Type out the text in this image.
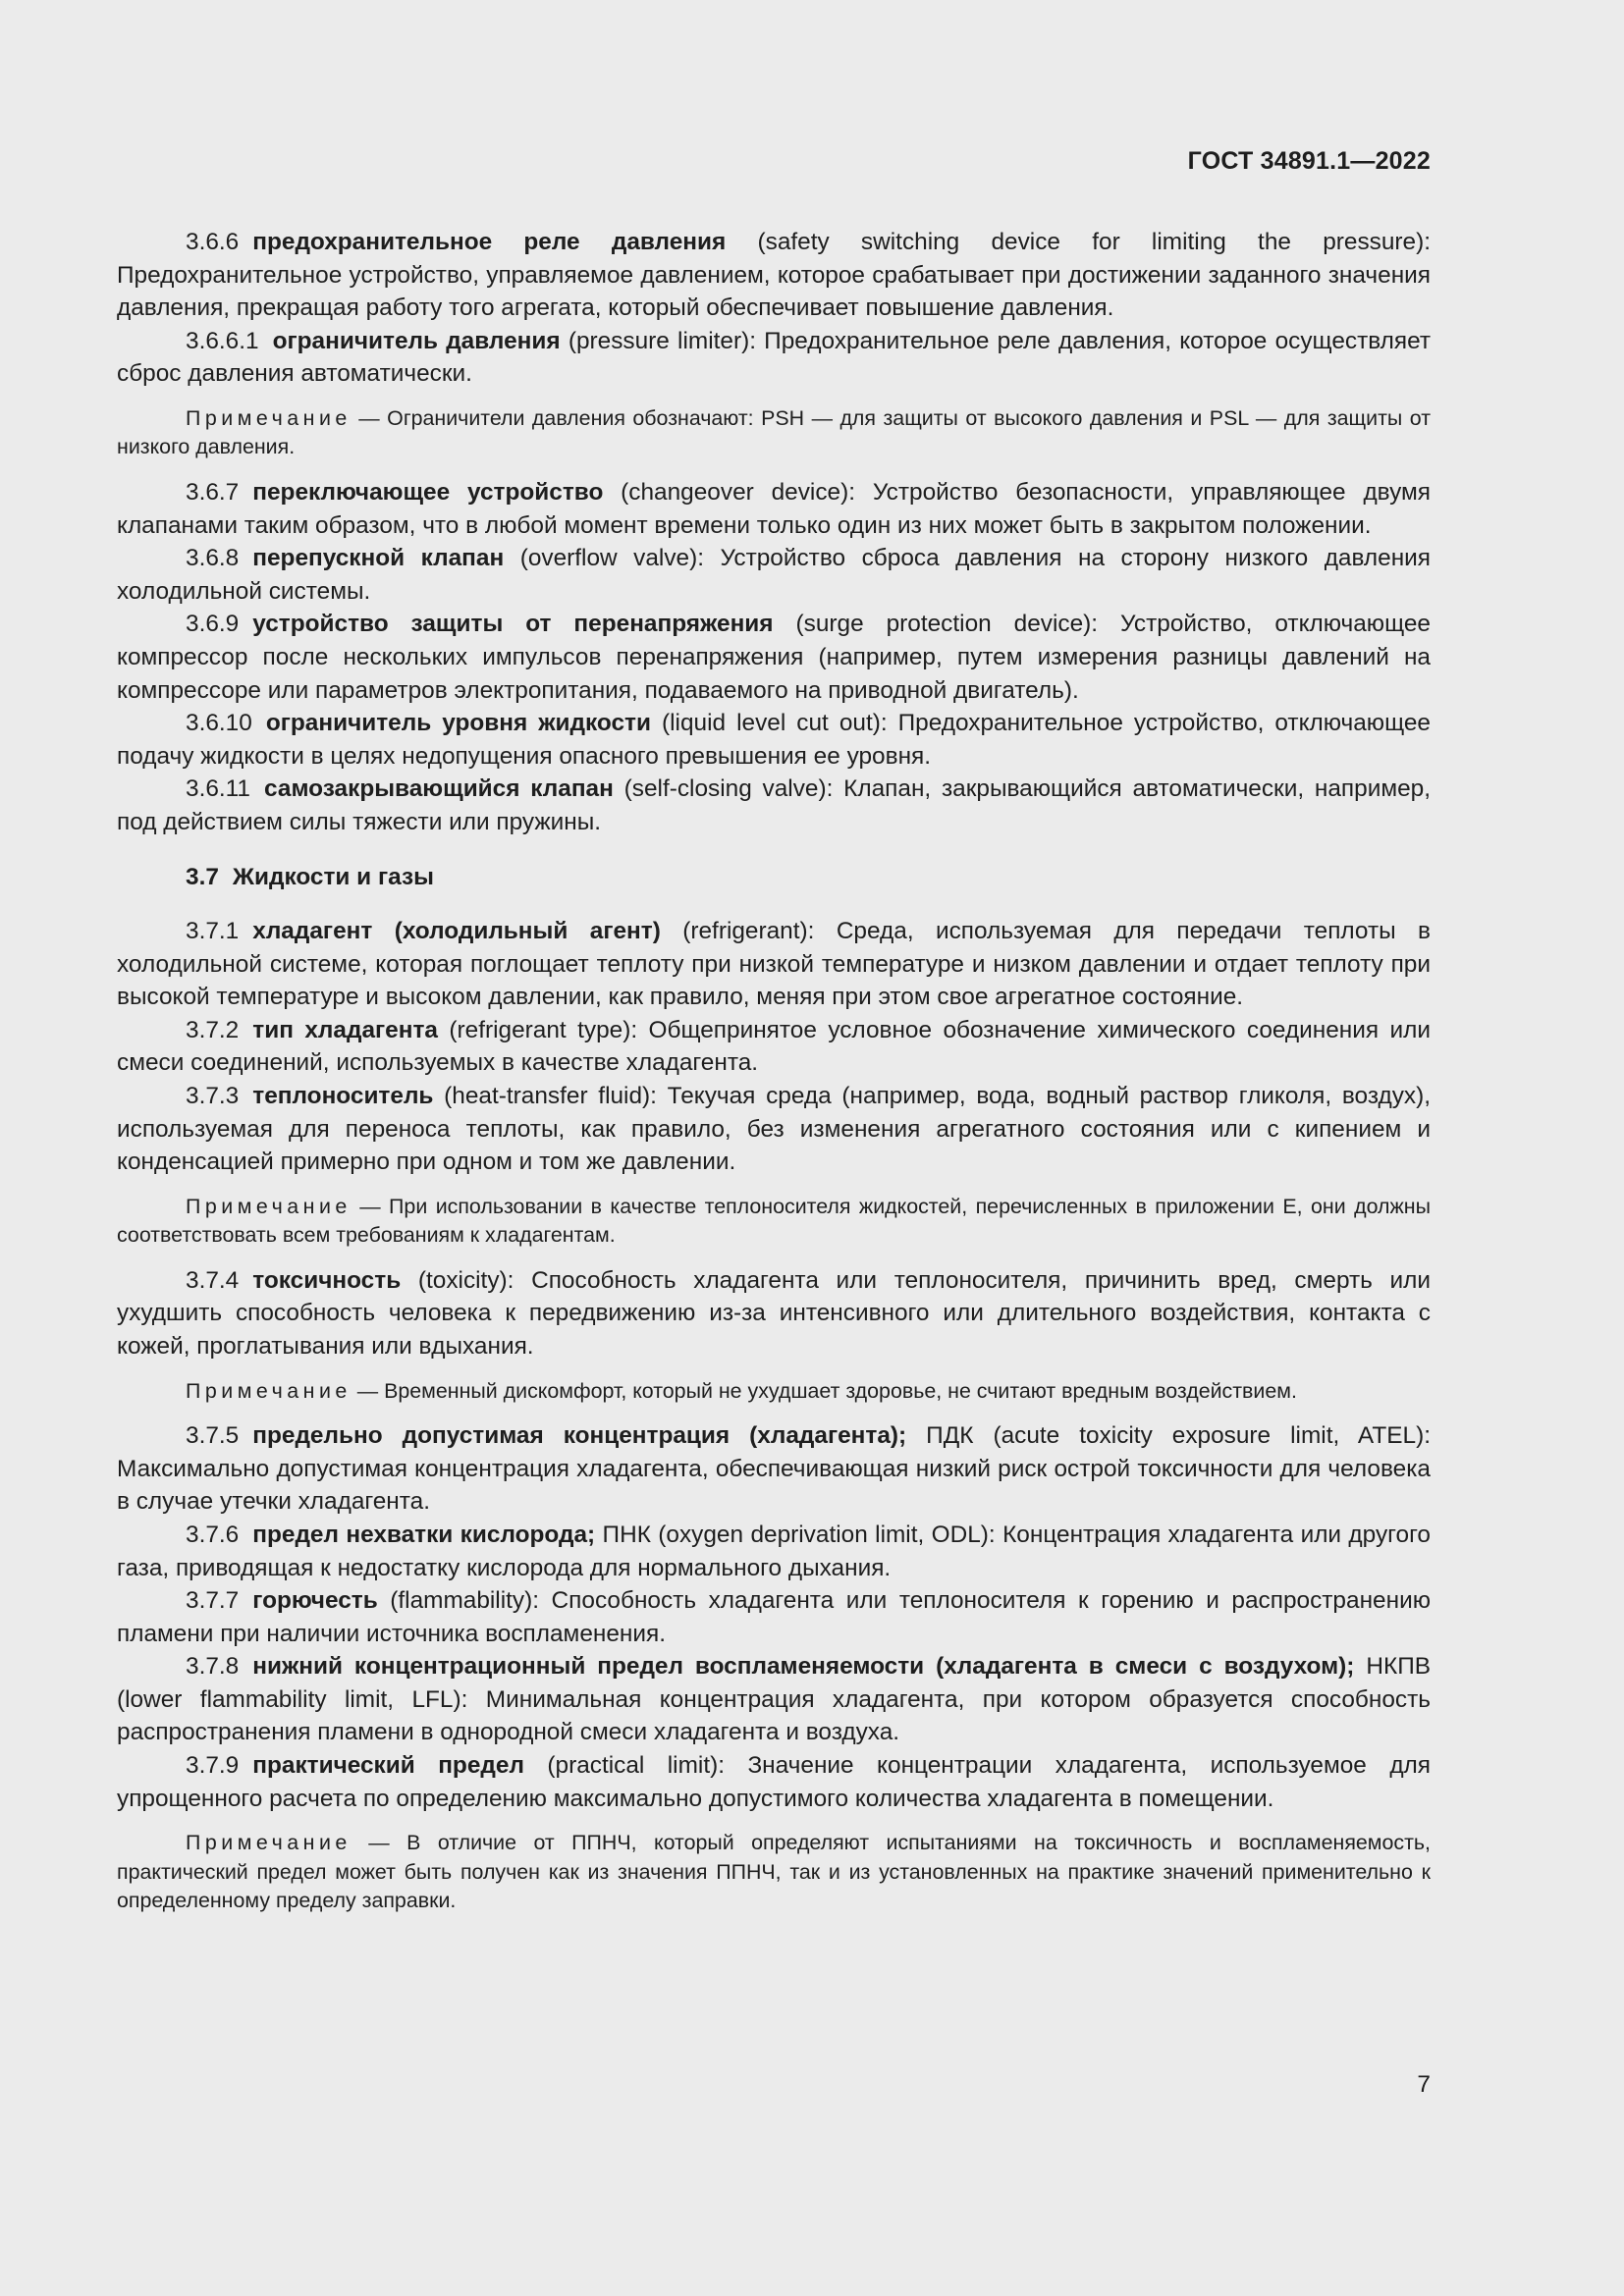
ГОСТ 34891.1—2022

3.6.6 предохранительное реле давления (safety switching device for limiting the pressure): Предохранительное устройство, управляемое давлением, которое срабатывает при достижении заданного значения давления, прекращая работу того агрегата, который обеспечивает повышение давления.

3.6.6.1 ограничитель давления (pressure limiter): Предохранительное реле давления, которое осуществляет сброс давления автоматически.

Примечание — Ограничители давления обозначают: PSH — для защиты от высокого давления и PSL — для защиты от низкого давления.

3.6.7 переключающее устройство (changeover device): Устройство безопасности, управляющее двумя клапанами таким образом, что в любой момент времени только один из них может быть в закрытом положении.

3.6.8 перепускной клапан (overflow valve): Устройство сброса давления на сторону низкого давления холодильной системы.

3.6.9 устройство защиты от перенапряжения (surge protection device): Устройство, отключающее компрессор после нескольких импульсов перенапряжения (например, путем измерения разницы давлений на компрессоре или параметров электропитания, подаваемого на приводной двигатель).

3.6.10 ограничитель уровня жидкости (liquid level cut out): Предохранительное устройство, отключающее подачу жидкости в целях недопущения опасного превышения ее уровня.

3.6.11 самозакрывающийся клапан (self-closing valve): Клапан, закрывающийся автоматически, например, под действием силы тяжести или пружины.

3.7 Жидкости и газы

3.7.1 хладагент (холодильный агент) (refrigerant): Среда, используемая для передачи теплоты в холодильной системе, которая поглощает теплоту при низкой температуре и низком давлении и отдает теплоту при высокой температуре и высоком давлении, как правило, меняя при этом свое агрегатное состояние.

3.7.2 тип хладагента (refrigerant type): Общепринятое условное обозначение химического соединения или смеси соединений, используемых в качестве хладагента.

3.7.3 теплоноситель (heat-transfer fluid): Текучая среда (например, вода, водный раствор гликоля, воздух), используемая для переноса теплоты, как правило, без изменения агрегатного состояния или с кипением и конденсацией примерно при одном и том же давлении.

Примечание — При использовании в качестве теплоносителя жидкостей, перечисленных в приложении Е, они должны соответствовать всем требованиям к хладагентам.

3.7.4 токсичность (toxicity): Способность хладагента или теплоносителя, причинить вред, смерть или ухудшить способность человека к передвижению из-за интенсивного или длительного воздействия, контакта с кожей, проглатывания или вдыхания.

Примечание — Временный дискомфорт, который не ухудшает здоровье, не считают вредным воздействием.

3.7.5 предельно допустимая концентрация (хладагента); ПДК (acute toxicity exposure limit, ATEL): Максимально допустимая концентрация хладагента, обеспечивающая низкий риск острой токсичности для человека в случае утечки хладагента.

3.7.6 предел нехватки кислорода; ПНК (oxygen deprivation limit, ODL): Концентрация хладагента или другого газа, приводящая к недостатку кислорода для нормального дыхания.

3.7.7 горючесть (flammability): Способность хладагента или теплоносителя к горению и распространению пламени при наличии источника воспламенения.

3.7.8 нижний концентрационный предел воспламеняемости (хладагента в смеси с воздухом); НКПВ (lower flammability limit, LFL): Минимальная концентрация хладагента, при котором образуется способность распространения пламени в однородной смеси хладагента и воздуха.

3.7.9 практический предел (practical limit): Значение концентрации хладагента, используемое для упрощенного расчета по определению максимально допустимого количества хладагента в помещении.

Примечание — В отличие от ППНЧ, который определяют испытаниями на токсичность и воспламеняемость, практический предел может быть получен как из значения ППНЧ, так и из установленных на практике значений применительно к определенному пределу заправки.
7
